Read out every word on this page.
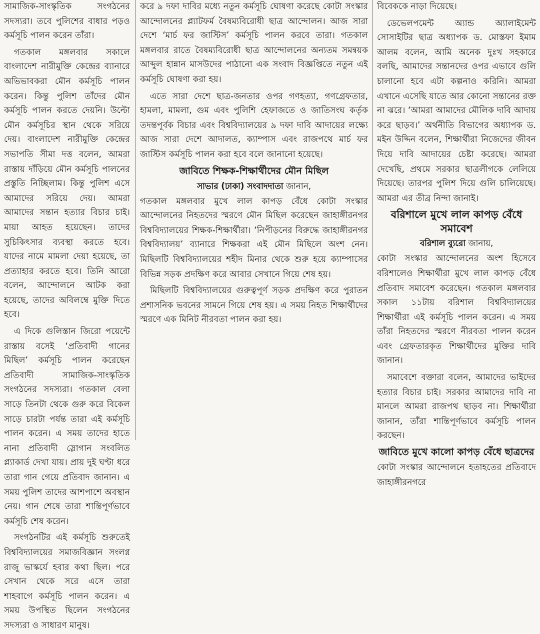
সামাজিক-সাংস্কৃতিক সংগঠনের সদস্যরা। তবে পুলিশের বাধার পড়ও কর্মসূচি পালন করেন তাঁরা।

গতকাল মঙ্গলবার সকালে বাংলাদেশ নারীমুক্তি কেন্দ্রের ব্যানারে অভিভাবকরা মৌন কর্মসূচি পালন করেন। কিন্তু পুলিশ তাঁদের মৌন কর্মসূচি পালন করতে দেয়নি। উল্টো মৌন কর্মসূচির স্থান থেকে সরিয়ে দেয়। বাংলাদেশ নারীমুক্তি কেন্দ্রের সভাপতি সীমা দত্ত বলেন, আমরা রাস্তায় দাঁড়িয়ে মৌন কর্মসূচি পালনের প্রস্তুতি নিচ্ছিলাম। কিন্তু পুলিশ এসে আমাদের সরিয়ে দেয়। আমরা আমাদের সন্তান হত্যার বিচার চাই। মায়া আহত হয়েছেন। তাদের সুচিকিৎসার ব্যবস্থা করতে হবে। যাদের নামে মামলা দেয়া হয়েছে, তা প্রত্যাহার করতে হবে। তিনি আরো বলেন, আন্দোলনে আটক করা হয়েছে, তাদের অবিলম্বে মুক্তি দিতে হবে।

এ দিকে গুলিস্তান জিরো পয়েন্টে রাস্তায় বসেই ‘প্রতিবাদী গানের মিছিল’ কর্মসূচি পালন করেছেন প্রতিবাদী সামাজিক-সাংস্কৃতিক সংগঠনের সদস্যরা। গতকাল বেলা সাড়ে তিনটা থেকে গুরু করে বিকেল সাড়ে চারটা পর্যন্ত তারা এই কর্মসূচি পালন করেন। এ সময় তাদের হাতে নানা প্রতিবাদী স্লোগান সংবলিত প্ল্যাকার্ড দেখা যায়। প্রায় দুই ঘণ্টা ধরে তারা গান গেয়ে প্রতিবাদ জানান। এ সময় পুলিশ তাদের আশপাশে অবস্থান নেয়। গান শেষে তারা শান্তিপূর্ণভাবে কর্মসূচি শেষ করেন।

সংগঠনটির এই কর্মসূচি শুরুতেই বিশ্ববিদ্যালয়ের সমাজবিজ্ঞান সংলগ্ন রাজু ভাস্কর্যে হবার কথা ছিল। পরে সেখান থেকে সরে এসে তারা শাহবাগে কর্মসূচি পালন করেন। এ সময় উপস্থিত ছিলেন সংগঠনের সদস্যরা ও সাধারণ মানুষ।

করে ৯ দফা দাবির মধ্যে নতুন কর্মসূচি ঘোষণা করেছে কোটা সংস্কার আন্দোলনের প্ল্যাটফর্ম বৈষম্যবিরোধী ছাত্র আন্দোলন। আজ সারা দেশে ‘মার্চ ফর জাস্টিস’ কর্মসূচি পালন করবে তারা। গতকাল মঙ্গলবার রাতে বৈষম্যবিরোধী ছাত্র আন্দোলনের অন্যতম সমন্বয়ক আব্দুল হান্নান মাসউদের পাঠানো এক সংবাদ বিজ্ঞপ্তিতে নতুন এই কর্মসূচি ঘোষণা করা হয়।

এতে সারা দেশে ছাত্র-জনতার ওপর গণহত্যা, গণগ্রেফতার, হামলা, মামলা, গুম এবং পুলিশি হেফাজতে ও জাতিসংঘ কর্তৃক তদন্তপূর্বক বিচার এবং বিশ্ববিদ্যালয়ের ৯ দফা দাবি আদায়ের লক্ষ্যে আজ সারা দেশে আদালত, ক্যাম্পাস এবং রাজপথে মার্চ ফর জাস্টিস কর্মসূচি পালন করা হবে বলে জানানো হয়েছে।

জাবিতে শিক্ষক-শিক্ষার্থীদের মৌন মিছিল
সাভার (ঢাকা) সংবাদদাতা জানান,

গতকাল মঙ্গলবার মুখে লাল কাপড় বেঁধে কোটা সংস্কার আন্দোলনের নিহতদের স্মরণে মৌন মিছিল করেছেন জাহাঙ্গীরনগর বিশ্ববিদ্যালয়ের শিক্ষক-শিক্ষার্থীরা। ‘নিপীড়নের বিরুদ্ধে জাহাঙ্গীরনগর বিশ্ববিদ্যালয়’ ব্যানারে শিক্ষকরা এই মৌন মিছিলে অংশ নেন। মিছিলটি বিশ্ববিদ্যালয়ের শহীদ মিনার থেকে শুরু হয়ে ক্যাম্পাসের বিভিন্ন সড়ক প্রদক্ষিণ করে আবার সেখানে গিয়ে শেষ হয়।

মিছিলটি বিশ্ববিদ্যালয়ের গুরুত্বপূর্ণ সড়ক প্রদক্ষিণ করে পুরাতন প্রশাসনিক ভবনের সামনে গিয়ে শেষ হয়। এ সময় নিহত শিক্ষার্থীদের স্মরণে এক মিনিট নীরবতা পালন করা হয়।

বিবেককে নাড়া দিয়েছে।

ডেভেলপমেন্ট অ্যান্ড অ্যালাইমেন্ট সোসাইটির ছাত্র অধ্যাপক ড. মোস্তফা ইমাম আলম বলেন, আমি অনেক দুঃখ সহকারে বলছি, আমাদের সন্তানদের ওপর এভাবে গুলি চালানো হবে এটা কল্পনাও করিনি। আমরা এখানে এসেছি যাতে আর কোনো সন্তানের রক্ত না ঝরে। ‘আমরা আমাদের মৌলিক দাবি আদায় করে ছাড়ব।’ অর্থনীতি বিভাগের অধ্যাপক ড. মইন উদ্দিন বলেন, শিক্ষার্থীরা নিজেদের জীবন দিয়ে দাবি আদায়ের চেষ্টা করেছে। আমরা দেখেছি, প্রথমে সরকার ছাত্রলীগকে লেলিয়ে দিয়েছে। তারপর পুলিশ দিয়ে গুলি চালিয়েছে। আমরা এর তীব্র নিন্দা জানাই।

বরিশালে মুখে লাল কাপড় বেঁধে সমাবেশ
বরিশাল ব্যুরো জানায়,

কোটা সংস্কার আন্দোলনের অংশ হিসেবে বরিশালেও শিক্ষার্থীরা মুখে লাল কাপড় বেঁধে প্রতিবাদ সমাবেশ করেছেন। গতকাল মঙ্গলবার সকাল ১১টায় বরিশাল বিশ্ববিদ্যালয়ের শিক্ষার্থীরা এই কর্মসূচি পালন করেন। এ সময় তাঁরা নিহতদের স্মরণে নীরবতা পালন করেন এবং গ্রেফতারকৃত শিক্ষার্থীদের মুক্তির দাবি জানান।

সমাবেশে বক্তারা বলেন, আমাদের ভাইদের হত্যার বিচার চাই। সরকার আমাদের দাবি না মানলে আমরা রাজপথ ছাড়ব না। শিক্ষার্থীরা জানান, তাঁরা শান্তিপূর্ণভাবে কর্মসূচি পালন করছেন।

জাবিতে মুখে কালো কাপড় বেঁধে ছাত্রদের

কোটা সংস্কার আন্দোলনে হতাহতের প্রতিবাদে জাহাঙ্গীরনগরে
